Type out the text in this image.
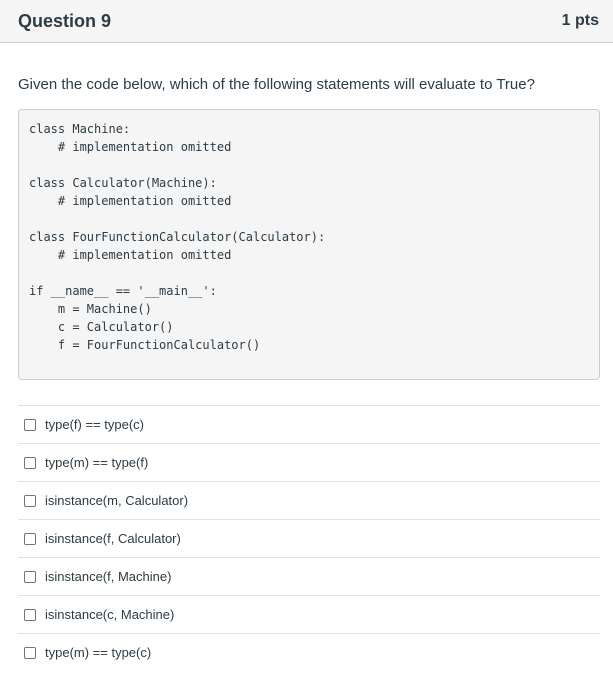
Question 9	1 pts
Given the code below, which of the following statements will evaluate to True?
class Machine:
# implementation omitted
class Calculator(Machine):
# implementation omitted
class FourFunctionCalculator(Calculator):
# implementation omitted
if __name__ == '__main__':
m = Machine()
c = Calculator()
f = FourFunctionCalculator()
type(f) == type(c)
type(m) == type(f)
isinstance(m, Calculator)
isinstance(f, Calculator)
isinstance(f, Machine)
isinstance(c, Machine)
type(m) == type(c)
